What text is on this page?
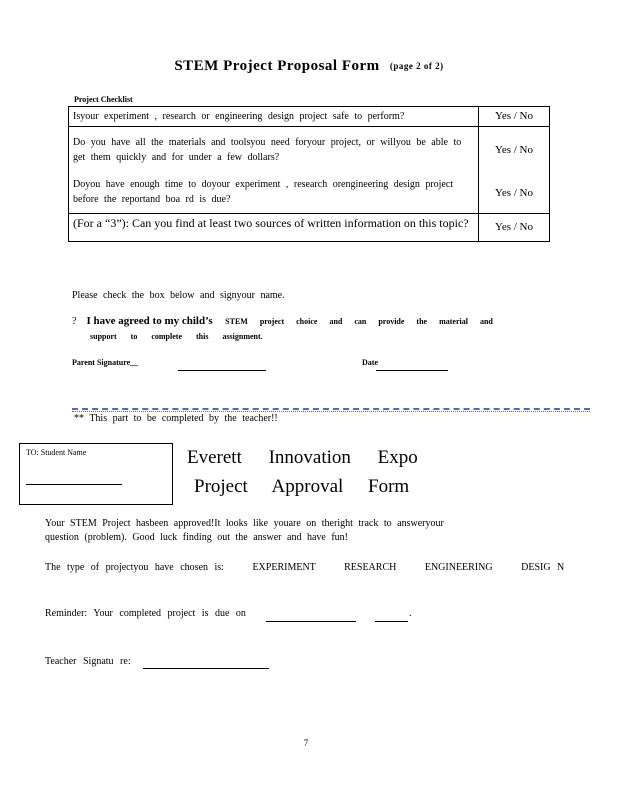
STEM Project Proposal Form (page 2 of 2)
Project Checklist
Isyour experiment , research or engineering design project safe to perform?	Yes / No
Do you have all the materials and toolsyou need foryour project, or willyou be able to get them quickly and for under a few dollars?	Yes / No
Doyou have enough time to doyour experiment , research orengineering design project before the reportand boa rd is due?	Yes / No
(For a “3”): Can you find at least two sources of written information on this topic?	Yes / No
Please check the box below and signyour name.
? I have agreed to my child’s STEM project choice and can provide the material and
support to complete this assignment.
Parent Signature__	Date
** This part to be completed by the teacher!!
TO: Student Name	Everett Innovation Expo
Project Approval Form
Your STEM Project hasbeen approved!It looks like youare on theright track to answeryour
question (problem). Good luck finding out the answer and have fun!
The type of projectyou have chosen is:	EXPERIMENT	RESEARCH	ENGINEERING	DESIG N
Reminder: Your completed project is due on	.
Teacher Signatu re:
7
